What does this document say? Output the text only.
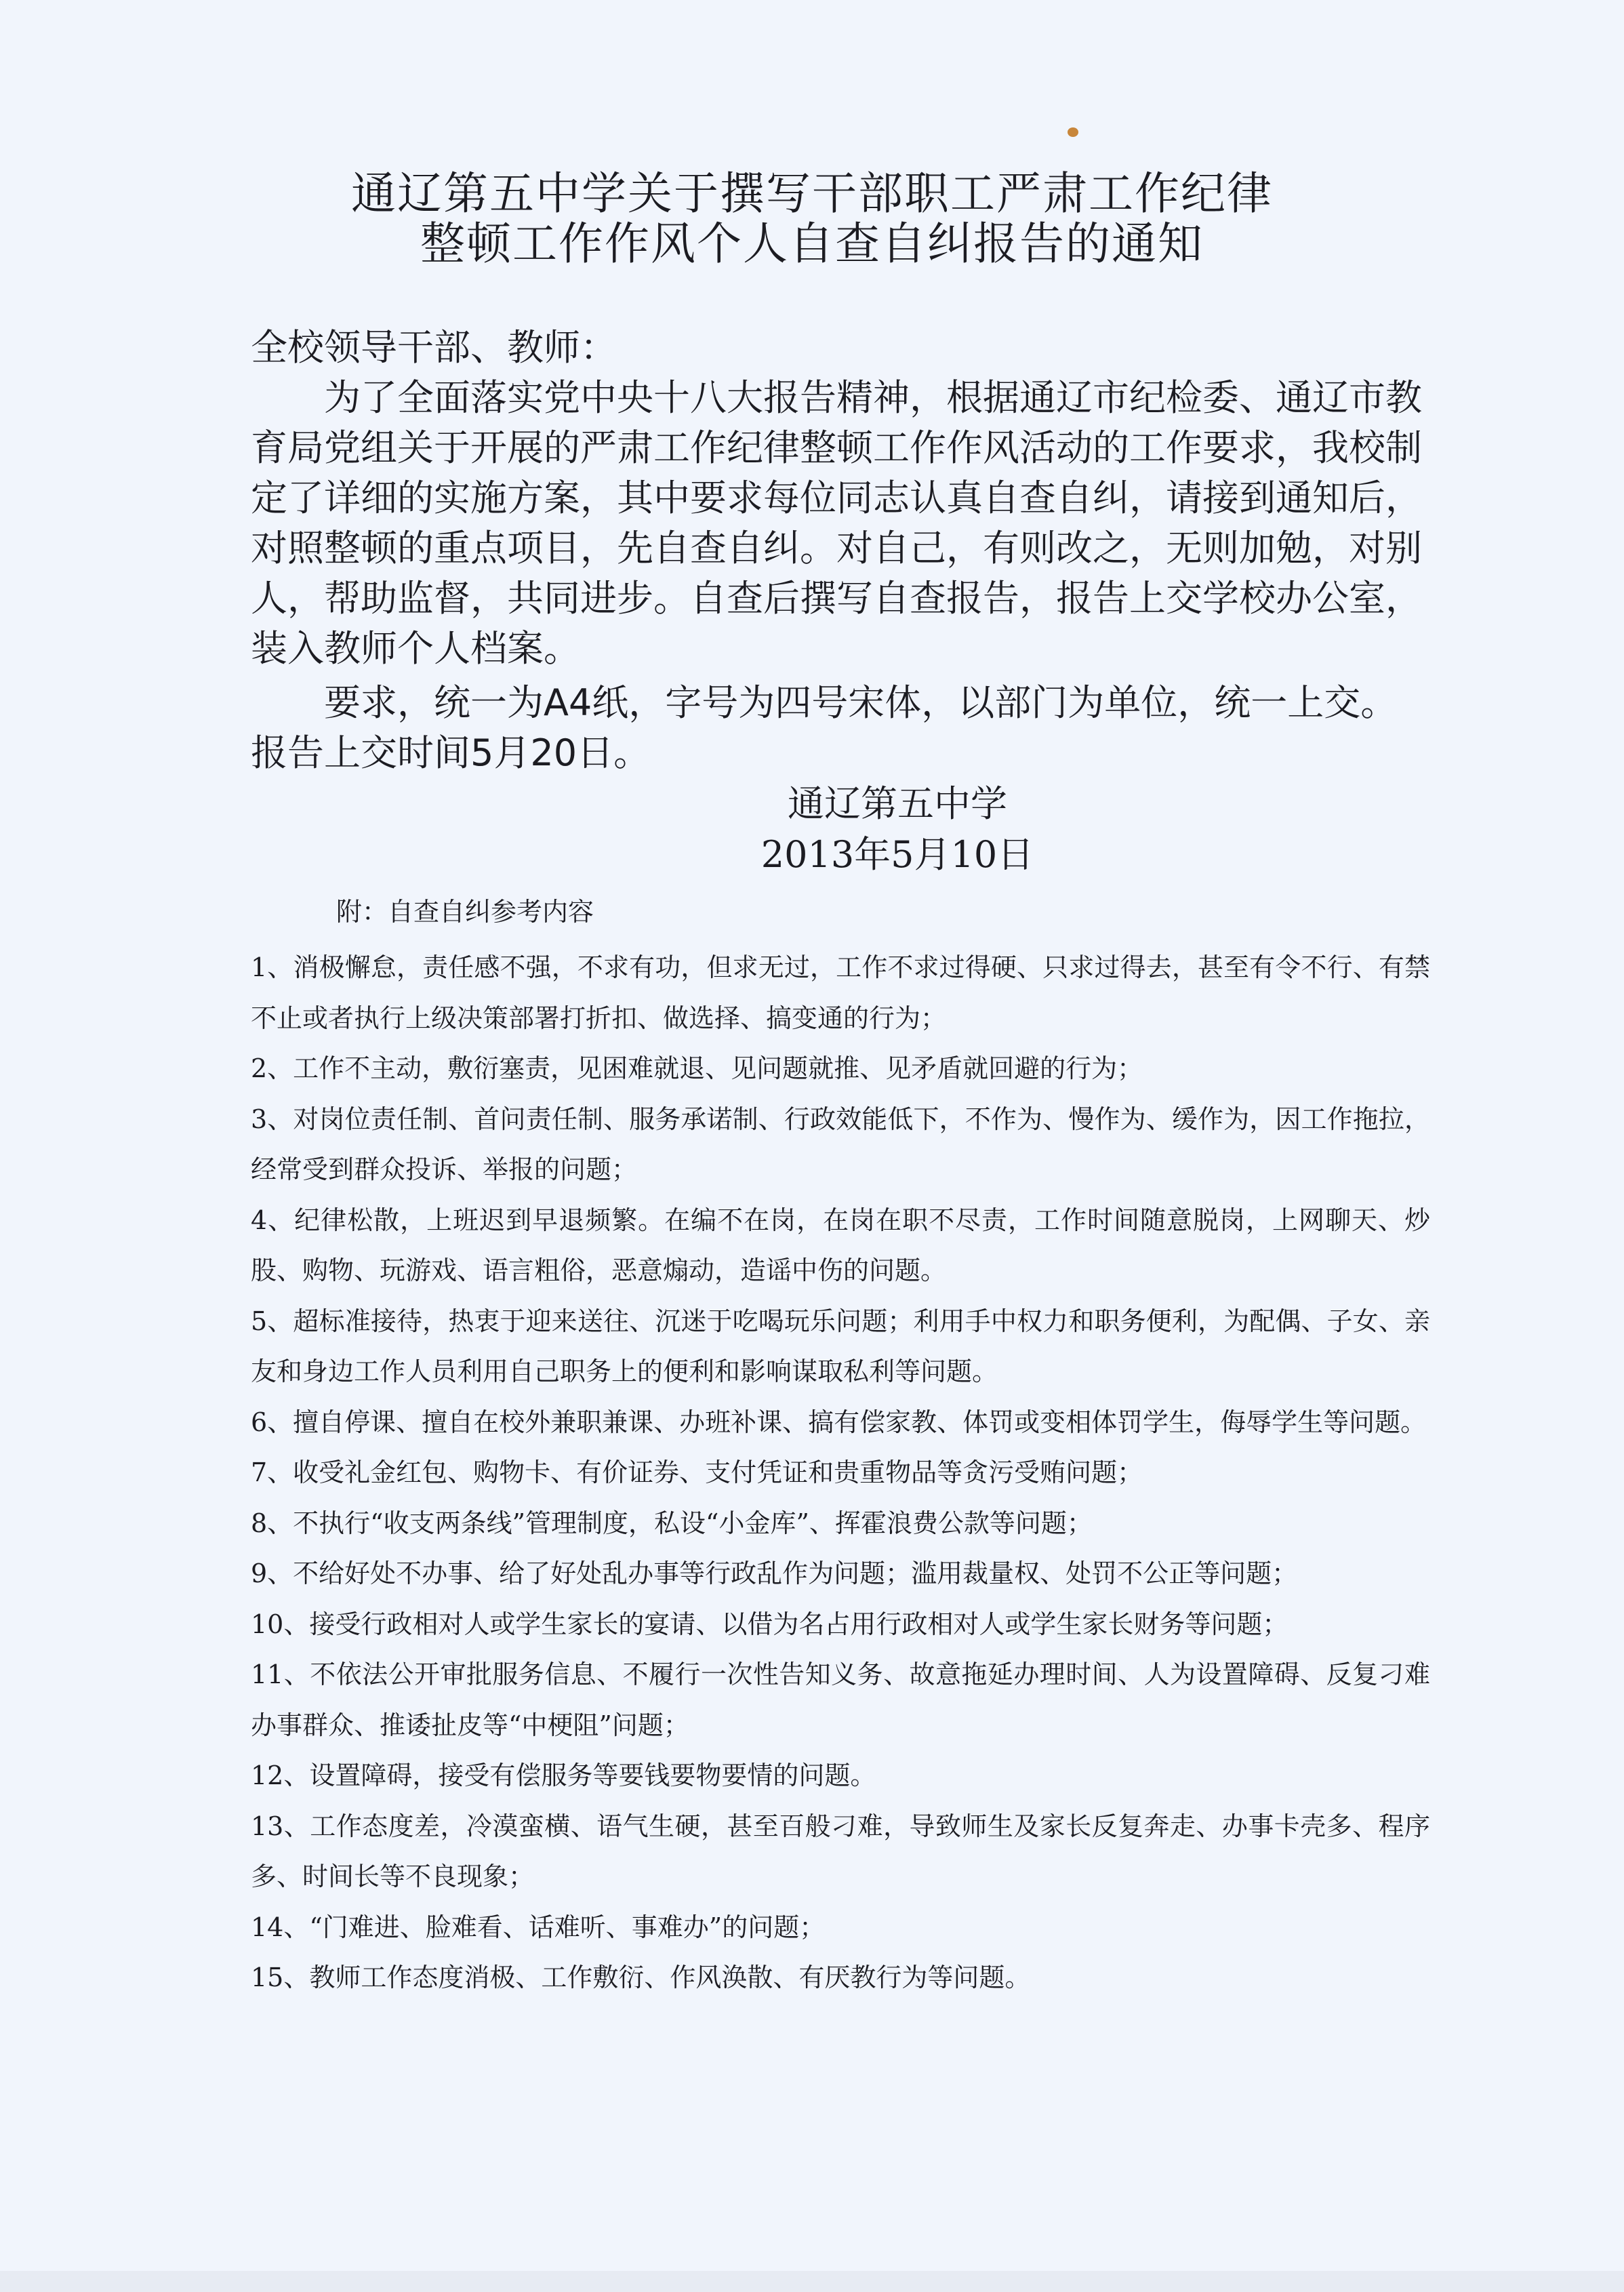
通辽第五中学关于撰写干部职工严肃工作纪律
整顿工作作风个人自查自纠报告的通知
全校领导干部、教师：
为了全面落实党中央十八大报告精神，根据通辽市纪检委、通辽市教育局党组关于开展的严肃工作纪律整顿工作作风活动的工作要求，我校制定了详细的实施方案，其中要求每位同志认真自查自纠，请接到通知后，对照整顿的重点项目，先自查自纠。对自己，有则改之，无则加勉，对别人，帮助监督，共同进步。自查后撰写自查报告，报告上交学校办公室，装入教师个人档案。
要求，统一为A4纸，字号为四号宋体，以部门为单位，统一上交。报告上交时间5月20日。
通辽第五中学
2013年5月10日
附：自查自纠参考内容
1、消极懈怠，责任感不强，不求有功，但求无过，工作不求过得硬、只求过得去，甚至有令不行、有禁不止或者执行上级决策部署打折扣、做选择、搞变通的行为；
2、工作不主动，敷衍塞责，见困难就退、见问题就推、见矛盾就回避的行为；
3、对岗位责任制、首问责任制、服务承诺制、行政效能低下，不作为、慢作为、缓作为，因工作拖拉，经常受到群众投诉、举报的问题；
4、纪律松散，上班迟到早退频繁。在编不在岗，在岗在职不尽责，工作时间随意脱岗，上网聊天、炒股、购物、玩游戏、语言粗俗，恶意煽动，造谣中伤的问题。
5、超标准接待，热衷于迎来送往、沉迷于吃喝玩乐问题；利用手中权力和职务便利，为配偶、子女、亲友和身边工作人员利用自己职务上的便利和影响谋取私利等问题。
6、擅自停课、擅自在校外兼职兼课、办班补课、搞有偿家教、体罚或变相体罚学生，侮辱学生等问题。
7、收受礼金红包、购物卡、有价证券、支付凭证和贵重物品等贪污受贿问题；
8、不执行“收支两条线”管理制度，私设“小金库”、挥霍浪费公款等问题；
9、不给好处不办事、给了好处乱办事等行政乱作为问题；滥用裁量权、处罚不公正等问题；
10、接受行政相对人或学生家长的宴请、以借为名占用行政相对人或学生家长财务等问题；
11、不依法公开审批服务信息、不履行一次性告知义务、故意拖延办理时间、人为设置障碍、反复刁难办事群众、推诿扯皮等“中梗阻”问题；
12、设置障碍，接受有偿服务等要钱要物要情的问题。
13、工作态度差，冷漠蛮横、语气生硬，甚至百般刁难，导致师生及家长反复奔走、办事卡壳多、程序多、时间长等不良现象；
14、“门难进、脸难看、话难听、事难办”的问题；
15、教师工作态度消极、工作敷衍、作风涣散、有厌教行为等问题。
